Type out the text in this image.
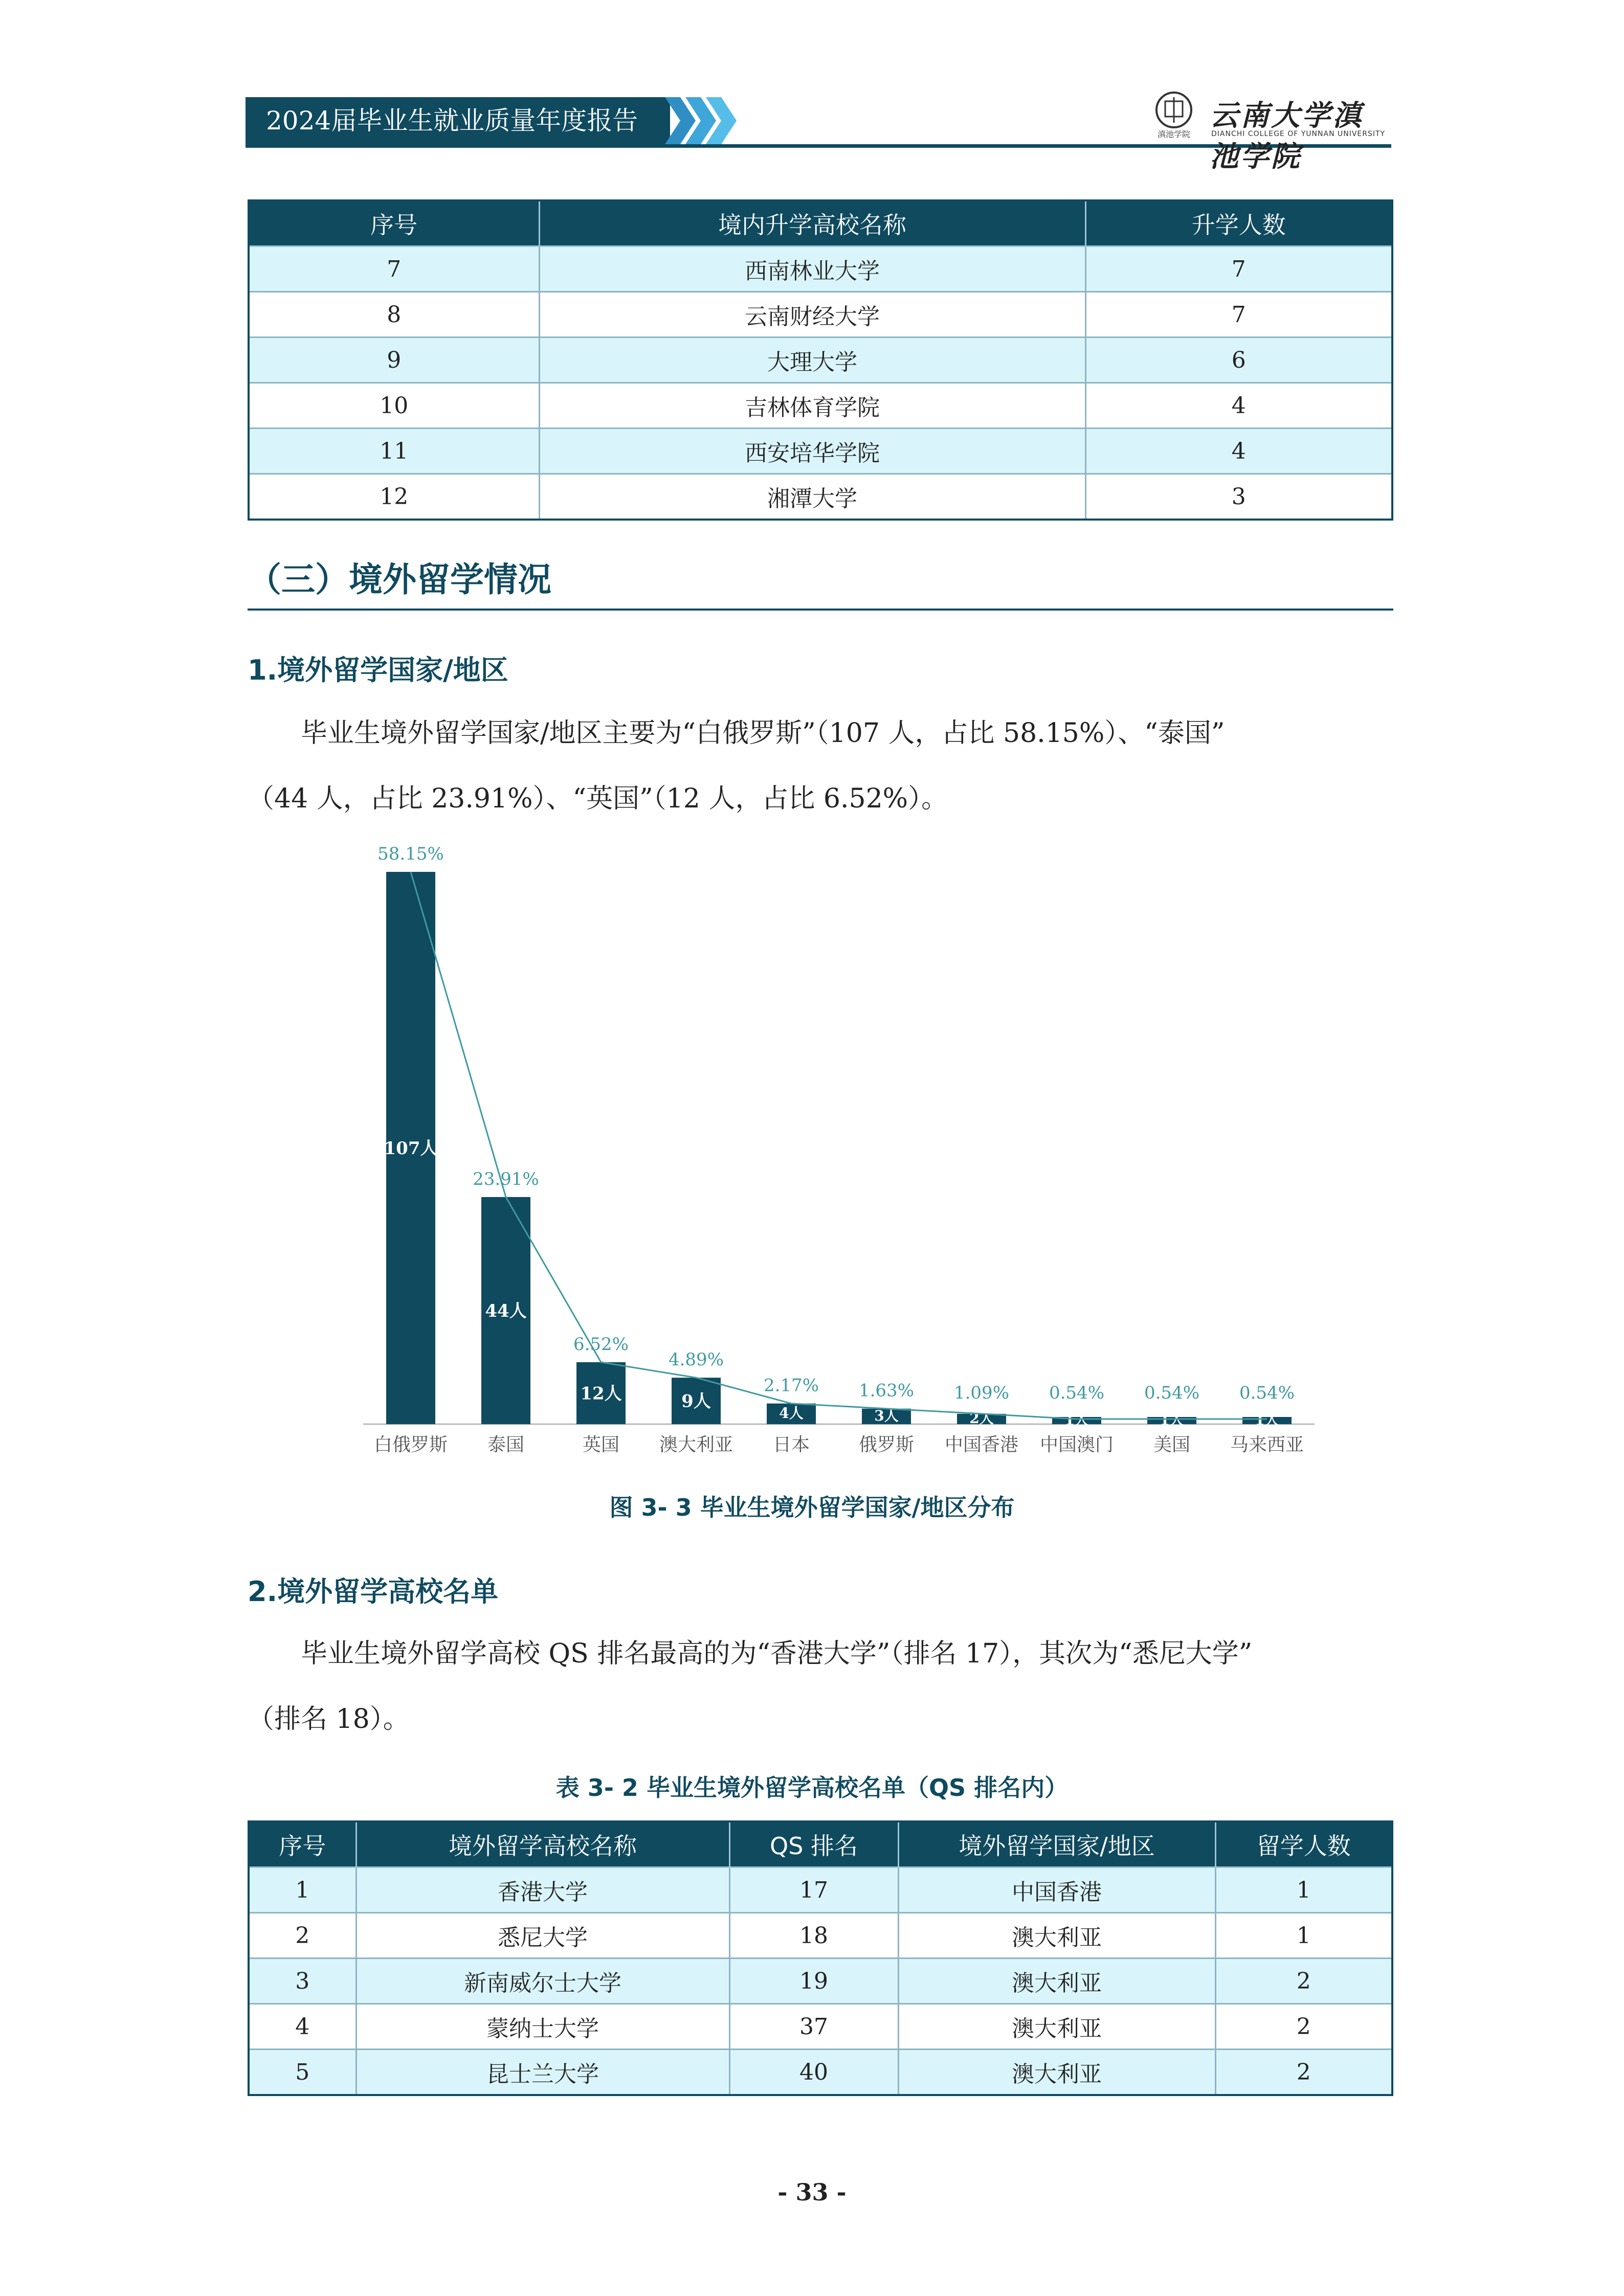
2024届毕业生就业质量年度报告	滇池学院
云南大学滇池学院
DIANCHI COLLEGE OF YUNNAN UNIVERSITY
序号	境内升学高校名称	升学人数
7	西南林业大学	7
8	云南财经大学	7
9	大理大学	6
10	吉林体育学院	4
11	西安培华学院	4
12	湘潭大学	3
（三）境外留学情况
1.境外留学国家/地区
毕业生境外留学国家/地区主要为“白俄罗斯”（107 人，占比 58.15%）、“泰国”
（44 人，占比 23.91%）、“英国”（12 人，占比 6.52%）。
107人
白俄罗斯
44人
泰国
12人
英国
9人
澳大利亚
4人
日本
3人
俄罗斯
2人
中国香港
1人
中国澳门
1人
美国
1人
马来西亚
58.15%
23.91%
6.52%
4.89%
2.17% 1.63% 1.09% 0.54% 0.54% 0.54%
图 3- 3 毕业生境外留学国家/地区分布
2.境外留学高校名单
毕业生境外留学高校 QS 排名最高的为“香港大学”（排名 17），其次为“悉尼大学”
（排名 18）。
表 3- 2 毕业生境外留学高校名单（QS 排名内）
序号	境外留学高校名称	QS 排名	境外留学国家/地区	留学人数
1	香港大学	17	中国香港	1
2	悉尼大学	18	澳大利亚	1
3	新南威尔士大学	19	澳大利亚	2
4	蒙纳士大学	37	澳大利亚	2
5	昆士兰大学	40	澳大利亚	2
- 33 -
